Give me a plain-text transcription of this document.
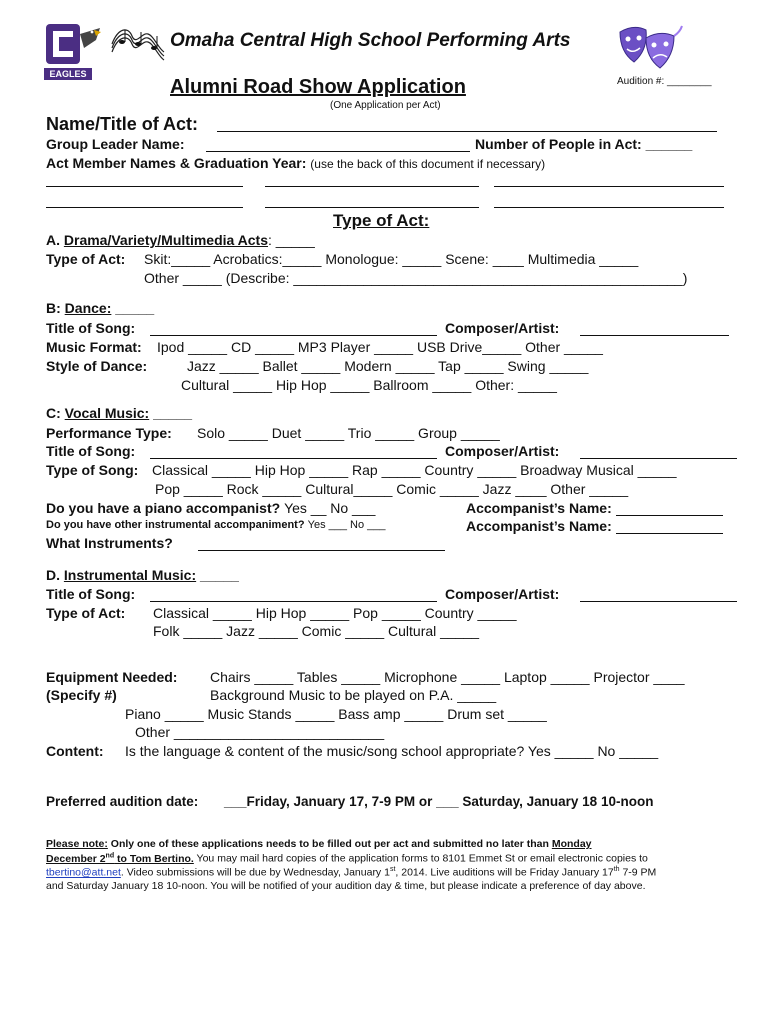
EAGLES
Omaha Central High School Performing Arts
Alumni Road Show Application
(One Application per Act)
Audition #: ________
Name/Title of Act:
Group Leader Name:	Number of People in Act: ______
Act Member Names & Graduation Year: (use the back of this document if necessary)
Type of Act:
A. Drama/Variety/Multimedia Acts: _____
Type of Act: Skit:_____ Acrobatics:_____ Monologue: _____ Scene: ____ Multimedia _____
Other _____ (Describe: __________________________________________________)
B: Dance: _____
Title of Song:	Composer/Artist:
Music Format: Ipod _____ CD _____ MP3 Player _____ USB Drive_____ Other _____
Style of Dance:	Jazz _____ Ballet _____ Modern _____ Tap _____ Swing _____
Cultural _____ Hip Hop _____ Ballroom _____ Other: _____
C: Vocal Music: _____
Performance Type: Solo _____ Duet _____ Trio _____ Group _____
Title of Song:	Composer/Artist:
Type of Song: Classical _____ Hip Hop _____ Rap _____ Country _____ Broadway Musical _____
Pop _____ Rock _____ Cultural_____ Comic _____ Jazz ____ Other _____
Do you have a piano accompanist? Yes __ No ___
Do you have other instrumental accompaniment? Yes ___ No ___
Accompanist’s Name:
Accompanist’s Name:
What Instruments?
D. Instrumental Music: _____
Title of Song:	Composer/Artist:
Type of Act: Classical _____ Hip Hop _____ Pop _____ Country _____
Folk _____ Jazz _____ Comic _____ Cultural _____
Equipment Needed: Chairs _____ Tables _____ Microphone _____ Laptop _____ Projector ____
(Specify #)	Background Music to be played on P.A. _____
Piano _____ Music Stands _____ Bass amp _____ Drum set _____
Other ___________________________
Content: Is the language & content of the music/song school appropriate? Yes _____ No _____
Preferred audition date: ___Friday, January 17, 7-9 PM or ___ Saturday, January 18 10-noon
Please note: Only one of these applications needs to be filled out per act and submitted no later than Monday
December 2nd to Tom Bertino. You may mail hard copies of the application forms to 8101 Emmet St or email electronic copies to
tbertino@att.net. Video submissions will be due by Wednesday, January 1st, 2014. Live auditions will be Friday January 17th 7-9 PM
and Saturday January 18 10-noon. You will be notified of your audition day & time, but please indicate a preference of day above.
